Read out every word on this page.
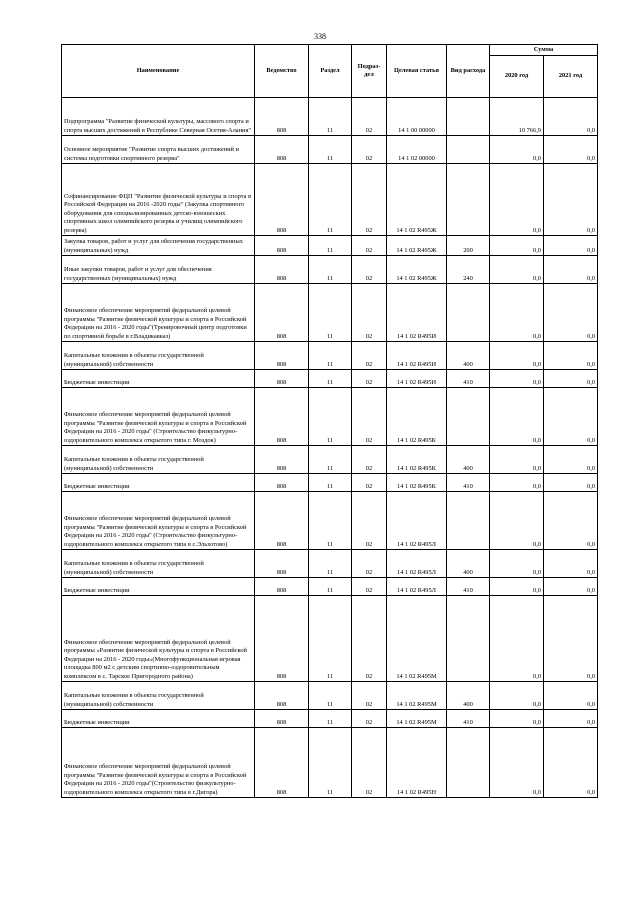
338
Наименование	Ведомство	Раздел	Подраз-дел	Целевая статья	Вид расхода	Сумма	
						2020 год	2021 год
Подпрограмма "Развитие физической культуры, массового спорта и спорта высших достижений в Республике Северная Осетия-Алания"	808	11	02	14 1 00 00000		10 766,9	0,0
Основное мероприятие "Развитие спорта высших достижений и системы подготовки спортивного резерва"	808	11	02	14 1 02 00000		0,0	0,0
Софинансирование ФЦП "Развитие физической культуры и спорта в Российской Федерации на 2016 -2020 годы" (Закупка спортивного оборудования для специализированных детско-юношеских спортивных школ олимпийского резерва и училищ олимпийского резерва)	808	11	02	14 1 02 R495Ж		0,0	0,0
Закупка товаров, работ и услуг для обеспечения государственных (муниципальных) нужд	808	11	02	14 1 02 R495Ж	200	0,0	0,0
Иные закупки товаров, работ и услуг для обеспечения государственных (муниципальных) нужд	808	11	02	14 1 02 R495Ж	240	0,0	0,0
Финансовое обеспечение мероприятий федеральной целевой программы "Развитие физической культуры и спорта в Российской Федерации на 2016 - 2020 годы"(Тренировочный центр подготовки по спортивной борьбе в г.Владикавказ)	808	11	02	14 1 02 R495И		0,0	0,0
Капитальные вложения в объекты государственной (муниципальной) собственности	808	11	02	14 1 02 R495И	400	0,0	0,0
Бюджетные инвестиции	808	11	02	14 1 02 R495И	410	0,0	0,0
Финансовое обеспечение мероприятий федеральной целевой программы "Развитие физической культуры и спорта в Российской Федерации на 2016 - 2020 годы" (Строительство физкультурно-оздоровительного комплекса открытого типа г. Моздок)	808	11	02	14 1 02 R495К		0,0	0,0
Капитальные вложения в объекты государственной (муниципальной) собственности	808	11	02	14 1 02 R495К	400	0,0	0,0
Бюджетные инвестиции	808	11	02	14 1 02 R495К	410	0,0	0,0
Финансовое обеспечение мероприятий федеральной целевой программы "Развитие физической культуры и спорта в Российской Федерации на 2016 - 2020 годы" (Строительство физкультурно-оздоровительного комплекса открытого типа в с.Эльхотово)	808	11	02	14 1 02 R495Л		0,0	0,0
Капитальные вложения в объекты государственной (муниципальной) собственности	808	11	02	14 1 02 R495Л	400	0,0	0,0
Бюджетные инвестиции	808	11	02	14 1 02 R495Л	410	0,0	0,0
Финансовое обеспечение мероприятий федеральной целевой программы «Развитие физической культуры и спорта в Российской Федерации на 2016 - 2020 годы»(Многофункциональная игровая площадка 800 м2 с детским спортивно-оздоровительным комплексом в с. Тарское Пригородного района)	808	11	02	14 1 02 R495М		0,0	0,0
Капитальные вложения в объекты государственной (муниципальной) собственности	808	11	02	14 1 02 R495М	400	0,0	0,0
Бюджетные инвестиции	808	11	02	14 1 02 R495М	410	0,0	0,0
Финансовое обеспечение мероприятий федеральной целевой программы "Развитие физической культуры и спорта в Российской Федерации на 2016 - 2020 годы"(Строительство физкультурно-оздоровительного комплекса открытого типа в г.Дигора)	808	11	02	14 1 02 R495Н		0,0	0,0
